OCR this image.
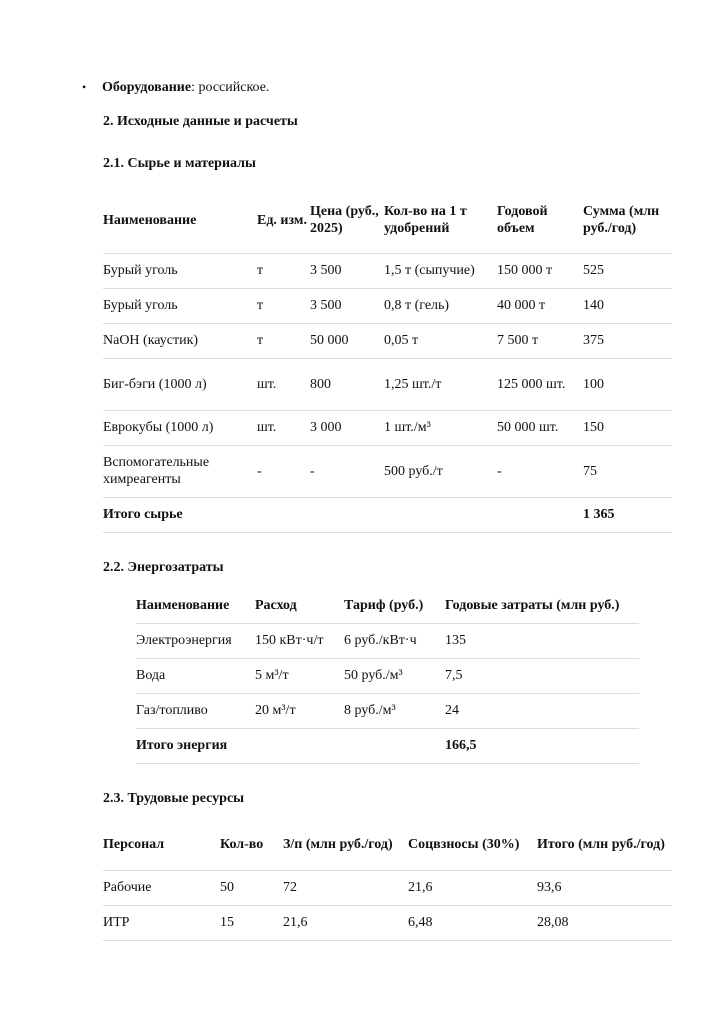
• Оборудование: российское.
2. Исходные данные и расчеты
2.1. Сырье и материалы
Наименование	Ед. изм.	Цена (руб., 2025)	Кол-во на 1 т удобрений	Годовой объем	Сумма (млн руб./год)
Бурый уголь	т	3 500	1,5 т (сыпучие)	150 000 т	525
Бурый уголь	т	3 500	0,8 т (гель)	40 000 т	140
NaOH (каустик)	т	50 000	0,05 т	7 500 т	375
Биг-бэги (1000 л)	шт.	800	1,25 шт./т	125 000 шт.	100
Еврокубы (1000 л)	шт.	3 000	1 шт./м³	50 000 шт.	150
Вспомогательные химреагенты	-	-	500 руб./т	-	75
Итого сырье					1 365
2.2. Энергозатраты
Наименование	Расход	Тариф (руб.)	Годовые затраты (млн руб.)
Электроэнергия	150 кВт·ч/т	6 руб./кВт·ч	135
Вода	5 м³/т	50 руб./м³	7,5
Газ/топливо	20 м³/т	8 руб./м³	24
Итого энергия			166,5
2.3. Трудовые ресурсы
Персонал	Кол-во	З/п (млн руб./год)	Соцвзносы (30%)	Итого (млн руб./год)
Рабочие	50	72	21,6	93,6
ИТР	15	21,6	6,48	28,08
